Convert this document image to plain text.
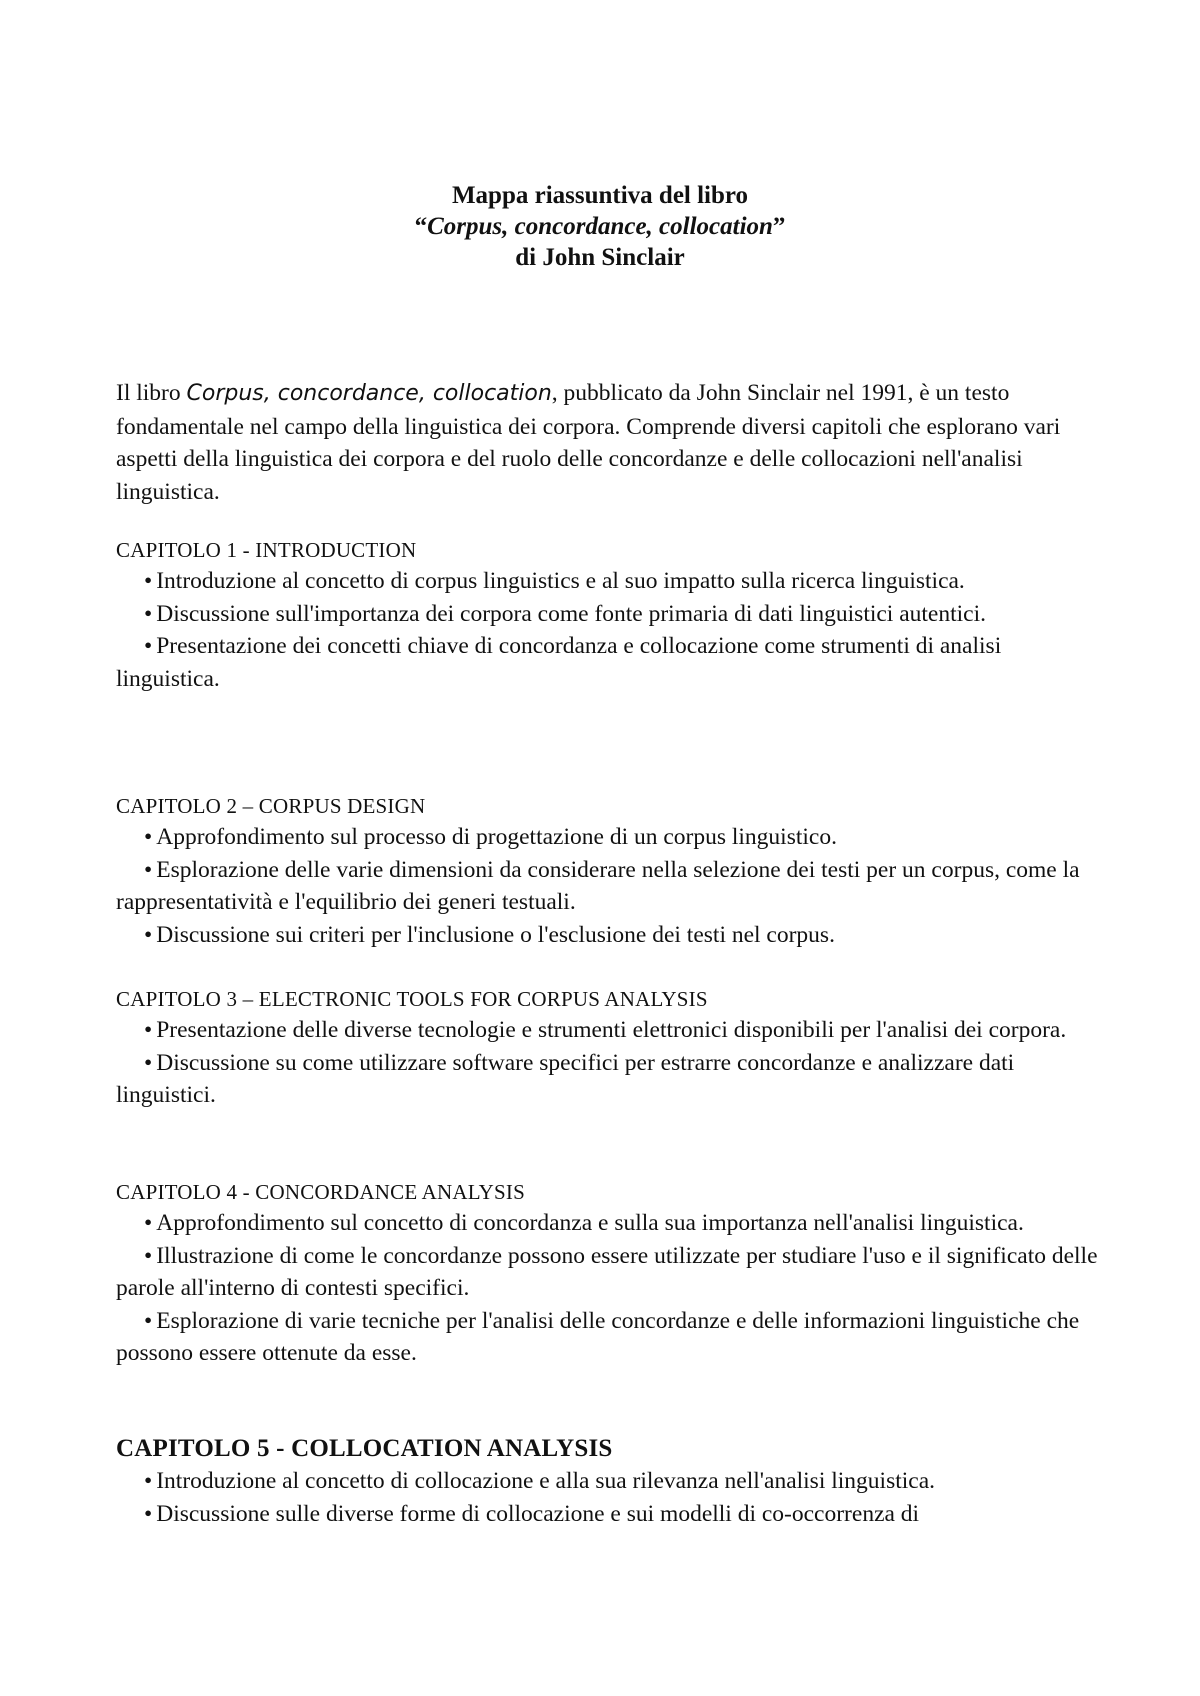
Mappa riassuntiva del libro
“Corpus, concordance, collocation”
di John Sinclair
Il libro Corpus, concordance, collocation, pubblicato da John Sinclair nel 1991, è un testo fondamentale nel campo della linguistica dei corpora. Comprende diversi capitoli che esplorano vari aspetti della linguistica dei corpora e del ruolo delle concordanze e delle collocazioni nell'analisi linguistica.
CAPITOLO 1 - INTRODUCTION
• Introduzione al concetto di corpus linguistics e al suo impatto sulla ricerca linguistica.
• Discussione sull'importanza dei corpora come fonte primaria di dati linguistici autentici.
• Presentazione dei concetti chiave di concordanza e collocazione come strumenti di analisi linguistica.
CAPITOLO 2 – CORPUS DESIGN
• Approfondimento sul processo di progettazione di un corpus linguistico.
• Esplorazione delle varie dimensioni da considerare nella selezione dei testi per un corpus, come la rappresentatività e l'equilibrio dei generi testuali.
• Discussione sui criteri per l'inclusione o l'esclusione dei testi nel corpus.
CAPITOLO 3 – ELECTRONIC TOOLS FOR CORPUS ANALYSIS
• Presentazione delle diverse tecnologie e strumenti elettronici disponibili per l'analisi dei corpora.
• Discussione su come utilizzare software specifici per estrarre concordanze e analizzare dati linguistici.
CAPITOLO 4 - CONCORDANCE ANALYSIS
• Approfondimento sul concetto di concordanza e sulla sua importanza nell'analisi linguistica.
• Illustrazione di come le concordanze possono essere utilizzate per studiare l'uso e il significato delle parole all'interno di contesti specifici.
• Esplorazione di varie tecniche per l'analisi delle concordanze e delle informazioni linguistiche che possono essere ottenute da esse.
CAPITOLO 5 - COLLOCATION ANALYSIS
• Introduzione al concetto di collocazione e alla sua rilevanza nell'analisi linguistica.
• Discussione sulle diverse forme di collocazione e sui modelli di co-occorrenza di
